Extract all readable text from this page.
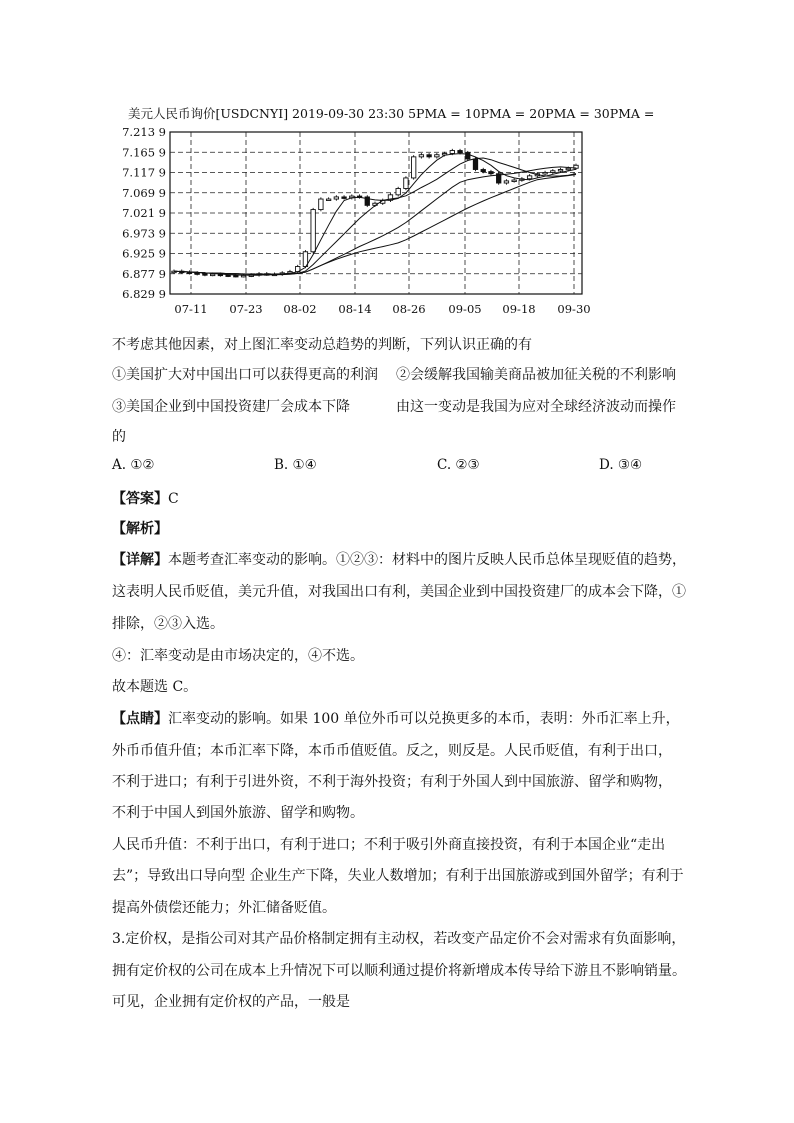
美元人民币询价[USDCNYI] 2019-09-30 23:30 5PMA = 10PMA = 20PMA = 30PMA =
7.213 9
7.165 9
7.117 9
7.069 9
7.021 9
6.973 9
6.925 9
6.877 9
6.829 9
07-11 07-23 08-02 08-14 08-26 09-05 09-18 09-30
不考虑其他因素，对上图汇率变动总趋势的判断，下列认识正确的有
①美国扩大对中国出口可以获得更高的利润 ②会缓解我国输美商品被加征关税的不利影响
③美国企业到中国投资建厂会成本下降	由这一变动是我国为应对全球经济波动而操作
的
A. ①②	B. ①④	C. ②③	D. ③④
【答案】C
【解析】
【详解】本题考查汇率变动的影响。①②③：材料中的图片反映人民币总体呈现贬值的趋势，
这表明人民币贬值，美元升值，对我国出口有利，美国企业到中国投资建厂的成本会下降，①
排除，②③入选。
④：汇率变动是由市场决定的，④不选。
故本题选 C。
【点睛】汇率变动的影响。如果 100 单位外币可以兑换更多的本币，表明：外币汇率上升，
外币币值升值；本币汇率下降，本币币值贬值。反之，则反是。人民币贬值，有利于出口，
不利于进口；有利于引进外资，不利于海外投资；有利于外国人到中国旅游、留学和购物，
不利于中国人到国外旅游、留学和购物。
人民币升值：不利于出口，有利于进口；不利于吸引外商直接投资，有利于本国企业“走出
去”；导致出口导向型 企业生产下降，失业人数增加；有利于出国旅游或到国外留学；有利于
提高外债偿还能力；外汇储备贬值。
3.定价权，是指公司对其产品价格制定拥有主动权，若改变产品定价不会对需求有负面影响，
拥有定价权的公司在成本上升情况下可以顺利通过提价将新增成本传导给下游且不影响销量。
可见，企业拥有定价权的产品，一般是
